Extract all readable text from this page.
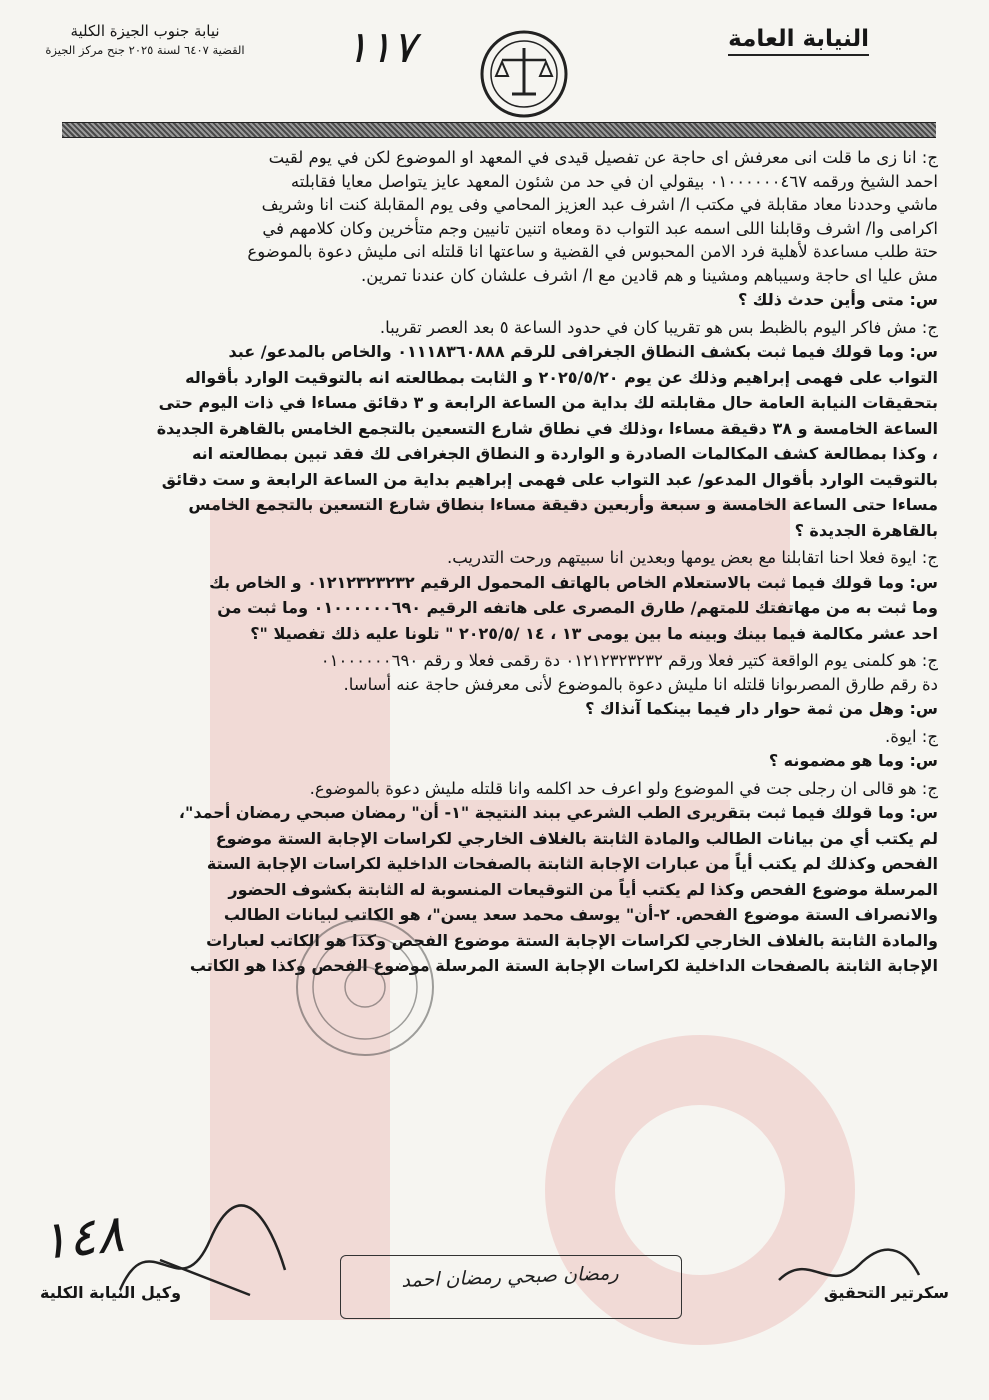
النيابة العامة
نيابة جنوب الجيزة الكلية
القضية ٦٤٠٧ لسنة ٢٠٢٥ جنح مركز الجيزة	١١٧
ج: انا زى ما قلت انى معرفش اى حاجة عن تفصيل قيدى في المعهد او الموضوع لكن في يوم لقيت
احمد الشيخ ورقمه ٠١٠٠٠٠٠٠٤٦٧ بيقولي ان في حد من شئون المعهد عايز يتواصل معايا فقابلته
ماشي وحددنا معاد مقابلة في مكتب ا/ اشرف عبد العزيز المحامي وفى يوم المقابلة كنت انا وشريف
اكرامى وا/ اشرف وقابلنا اللى اسمه عبد التواب دة ومعاه اتنين تانيين وجم متأخرين وكان كلامهم في
حتة طلب مساعدة لأهلية فرد الامن المحبوس في القضية و ساعتها انا قلتله انى مليش دعوة بالموضوع
مش عليا اى حاجة وسيباهم ومشينا و هم قادين مع ا/ اشرف علشان كان عندنا تمرين.
س: متى وأين حدث ذلك ؟
ج: مش فاكر اليوم بالظبط بس هو تقريبا كان في حدود الساعة ٥ بعد العصر تقريبا.
س: وما قولك فيما ثبت بكشف النطاق الجغرافى للرقم ٠١١١٨٣٦٠٨٨٨ والخاص بالمدعو/ عبد
التواب على فهمى إبراهيم وذلك عن يوم ٢٠٢٥/٥/٢٠ و الثابت بمطالعته انه بالتوقيت الوارد بأقواله
بتحقيقات النيابة العامة حال مقابلته لك بداية من الساعة الرابعة و ٣ دقائق مساءا في ذات اليوم حتى
الساعة الخامسة و ٣٨ دقيقة مساءا ،وذلك في نطاق شارع التسعين بالتجمع الخامس بالقاهرة الجديدة
، وكذا بمطالعة كشف المكالمات الصادرة و الواردة و النطاق الجغرافى لك فقد تبين بمطالعته انه
بالتوقيت الوارد بأقوال المدعو/ عبد التواب على فهمى إبراهيم بداية من الساعة الرابعة و ست دقائق
مساءا حتى الساعة الخامسة و سبعة وأربعين دقيقة مساءا بنطاق شارع التسعين بالتجمع الخامس
بالقاهرة الجديدة ؟
ج: ايوة فعلا احنا اتقابلنا مع بعض يومها وبعدين انا سبيتهم ورحت التدريب.
س: وما قولك فيما ثبت بالاستعلام الخاص بالهاتف المحمول الرقيم ٠١٢١٢٣٢٣٢٣٢ و الخاص بك
وما ثبت به من مهاتفتك للمتهم/ طارق المصرى على هاتفه الرقيم ٠١٠٠٠٠٠٠٦٩٠ وما ثبت من
احد عشر مكالمة فيما بينك وبينه ما بين يومى ١٣ ، ١٤ /٢٠٢٥/٥ " تلونا عليه ذلك تفصيلا "؟
ج: هو كلمنى يوم الواقعة كتير فعلا ورقم ٠١٢١٢٣٢٣٢٣٢ دة رقمى فعلا و رقم ٠١٠٠٠٠٠٠٦٩٠
دة رقم طارق المصرىوانا قلتله انا مليش دعوة بالموضوع لأنى معرفش حاجة عنه أساسا.
س: وهل من ثمة حوار دار فيما بينكما آنذاك ؟
ج: ايوة.
س: وما هو مضمونه ؟
ج: هو قالى ان رجلى جت في الموضوع ولو اعرف حد اكلمه وانا قلتله مليش دعوة بالموضوع.
س: وما قولك فيما ثبت بتقريرى الطب الشرعي ببند النتيجة "١- أن" رمضان صبحي رمضان أحمد"،
لم يكتب أي من بيانات الطالب والمادة الثابتة بالغلاف الخارجي لكراسات الإجابة الستة موضوع
الفحص وكذلك لم يكتب أياً من عبارات الإجابة الثابتة بالصفحات الداخلية لكراسات الإجابة الستة
المرسلة موضوع الفحص وكذا لم يكتب أياً من التوقيعات المنسوبة له الثابتة بكشوف الحضور
والانصراف الستة موضوع الفحص. ٢-أن" يوسف محمد سعد يسن"، هو الكاتب لبيانات الطالب
والمادة الثابتة بالغلاف الخارجي لكراسات الإجابة الستة موضوع الفحص وكذا هو الكاتب لعبارات
الإجابة الثابتة بالصفحات الداخلية لكراسات الإجابة الستة المرسلة موضوع الفحص وكذا هو الكاتب
١٤٨
رمضان صبحي رمضان احمد
سكرتير التحقيق
وكيل النيابة الكلية
